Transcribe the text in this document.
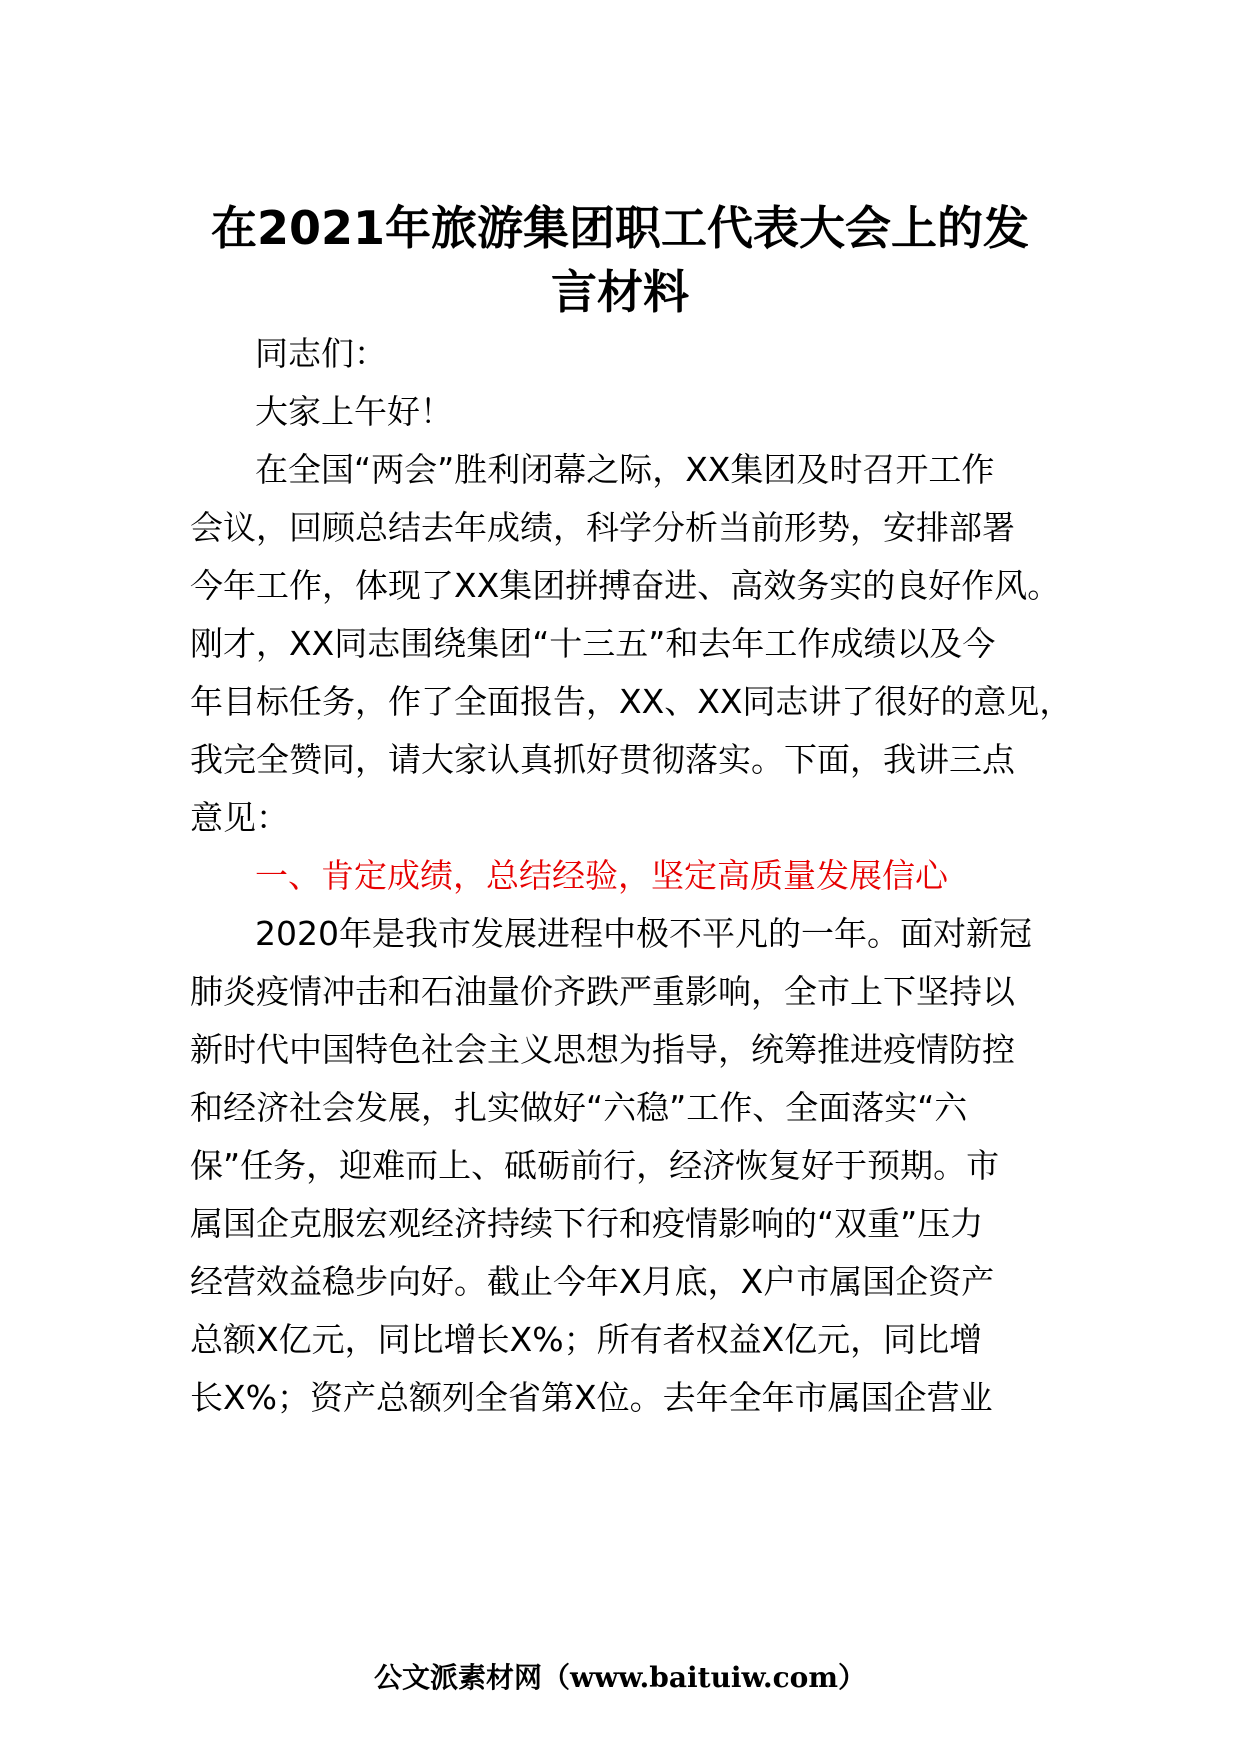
在2021年旅游集团职工代表大会上的发
言材料

同志们：

大家上午好！

在全国“两会”胜利闭幕之际，XX集团及时召开工作

会议，回顾总结去年成绩，科学分析当前形势，安排部署

今年工作，体现了XX集团拼搏奋进、高效务实的良好作风。

刚才，XX同志围绕集团“十三五”和去年工作成绩以及今

年目标任务，作了全面报告，XX、XX同志讲了很好的意见，

我完全赞同，请大家认真抓好贯彻落实。下面，我讲三点

意见：

一、肯定成绩，总结经验，坚定高质量发展信心

2020年是我市发展进程中极不平凡的一年。面对新冠

肺炎疫情冲击和石油量价齐跌严重影响，全市上下坚持以

新时代中国特色社会主义思想为指导，统筹推进疫情防控

和经济社会发展，扎实做好“六稳”工作、全面落实“六

保”任务，迎难而上、砥砺前行，经济恢复好于预期。市

属国企克服宏观经济持续下行和疫情影响的“双重”压力

经营效益稳步向好。截止今年X月底，X户市属国企资产

总额X亿元，同比增长X%；所有者权益X亿元，同比增

长X%；资产总额列全省第X位。去年全年市属国企营业

公文派素材网（www.baituiw.com）
